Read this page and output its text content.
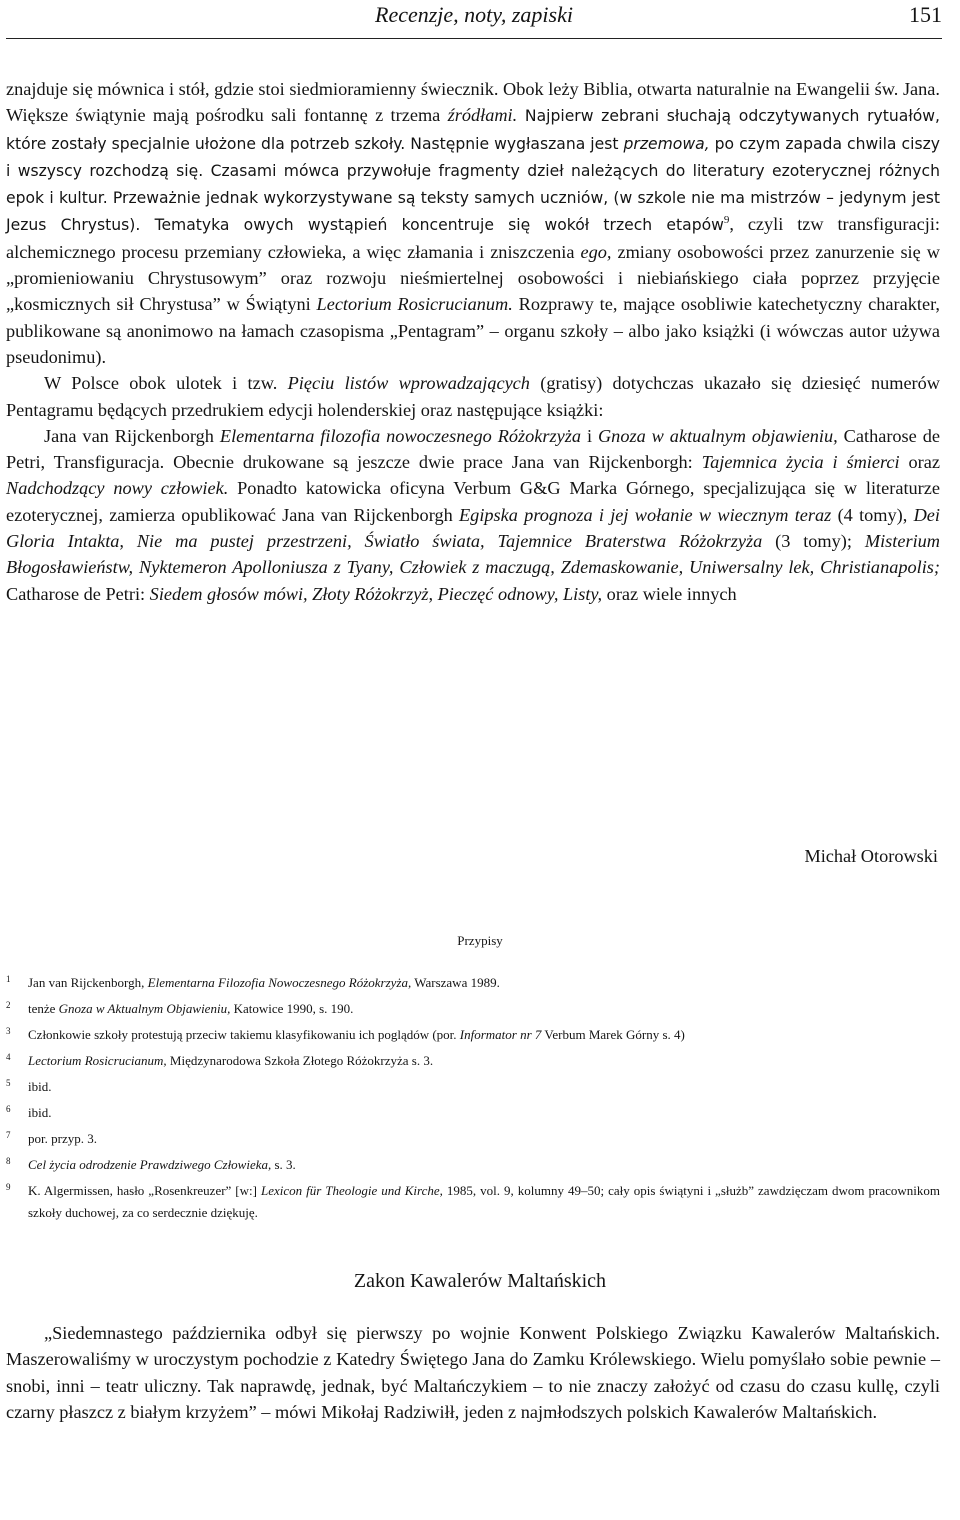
Recenzje, noty, zapiski	151

znajduje się mównica i stół, gdzie stoi siedmioramienny świecznik. Obok leży Biblia, otwarta naturalnie na Ewangelii św. Jana. Większe świątynie mają pośrodku sali fontannę z trzema źródłami. Najpierw zebrani słuchają odczytywanych rytuałów, które zostały specjalnie ułożone dla potrzeb szkoły. Następnie wygłaszana jest przemowa, po czym zapada chwila ciszy i wszyscy rozchodzą się. Czasami mówca przywołuje fragmenty dzieł należących do literatury ezoterycznej różnych epok i kultur. Przeważnie jednak wykorzystywane są teksty samych uczniów, (w szkole nie ma mistrzów – jedynym jest Jezus Chrystus). Tematyka owych wystąpień koncentruje się wokół trzech etapów$^9$, czyli tzw transfiguracji: alchemicznego procesu przemiany człowieka, a więc złamania i zniszczenia ego, zmiany osobowości przez zanurzenie się w „promieniowaniu Chrystusowym” oraz rozwoju nieśmiertelnej osobowości i niebiańskiego ciała poprzez przyjęcie „kosmicznych sił Chrystusa” w Świątyni Lectorium Rosicrucianum. Rozprawy te, mające osobliwie katechetyczny charakter, publikowane są anonimowo na łamach czasopisma „Pentagram” – organu szkoły – albo jako książki (i wówczas autor używa pseudonimu).

W Polsce obok ulotek i tzw. Pięciu listów wprowadzających (gratisy) dotychczas ukazało się dziesięć numerów Pentagramu będących przedrukiem edycji holenderskiej oraz następujące książki:

Jana van Rijckenborgh Elementarna filozofia nowoczesnego Różokrzyża i Gnoza w aktualnym objawieniu, Catharose de Petri, Transfiguracja. Obecnie drukowane są jeszcze dwie prace Jana van Rijckenborgh: Tajemnica życia i śmierci oraz Nadchodzący nowy człowiek. Ponadto katowicka oficyna Verbum G&G Marka Górnego, specjalizująca się w literaturze ezoterycznej, zamierza opublikować Jana van Rijckenborgh Egipska prognoza i jej wołanie w wiecznym teraz (4 tomy), Dei Gloria Intakta, Nie ma pustej przestrzeni, Światło świata, Tajemnice Braterstwa Różokrzyża (3 tomy); Misterium Błogosławieństw, Nyktemeron Apolloniusza z Tyany, Człowiek z maczugą, Zdemaskowanie, Uniwersalny lek, Christianapolis; Catharose de Petri: Siedem głosów mówi, Złoty Różokrzyż, Pieczęć odnowy, Listy, oraz wiele innych

Michał Otorowski
Przypisy

1 Jan van Rijckenborgh, Elementarna Filozofia Nowoczesnego Różokrzyża, Warszawa 1989.

2 tenże Gnoza w Aktualnym Objawieniu, Katowice 1990, s. 190.

3 Członkowie szkoły protestują przeciw takiemu klasyfikowaniu ich poglądów (por. Informator nr 7 Verbum Marek Górny s. 4)

4 Lectorium Rosicrucianum, Międzynarodowa Szkoła Złotego Różokrzyża s. 3.

5 ibid.

6 ibid.

7 por. przyp. 3.

8 Cel życia odrodzenie Prawdziwego Człowieka, s. 3.

9 K. Algermissen, hasło „Rosenkreuzer” [w:] Lexicon für Theologie und Kirche, 1985, vol. 9, kolumny 49–50; cały opis świątyni i „służb” zawdzięczam dwom pracownikom szkoły duchowej, za co serdecznie dziękuję.

Zakon Kawalerów Maltańskich

„Siedemnastego października odbył się pierwszy po wojnie Konwent Polskiego Związku Kawalerów Maltańskich. Maszerowaliśmy w uroczystym pochodzie z Katedry Świętego Jana do Zamku Królewskiego. Wielu pomyślało sobie pewnie – snobi, inni – teatr uliczny. Tak naprawdę, jednak, być Maltańczykiem – to nie znaczy założyć od czasu do czasu kullę, czyli czarny płaszcz z białym krzyżem” – mówi Mikołaj Radziwiłł, jeden z najmłodszych polskich Kawalerów Maltańskich.
